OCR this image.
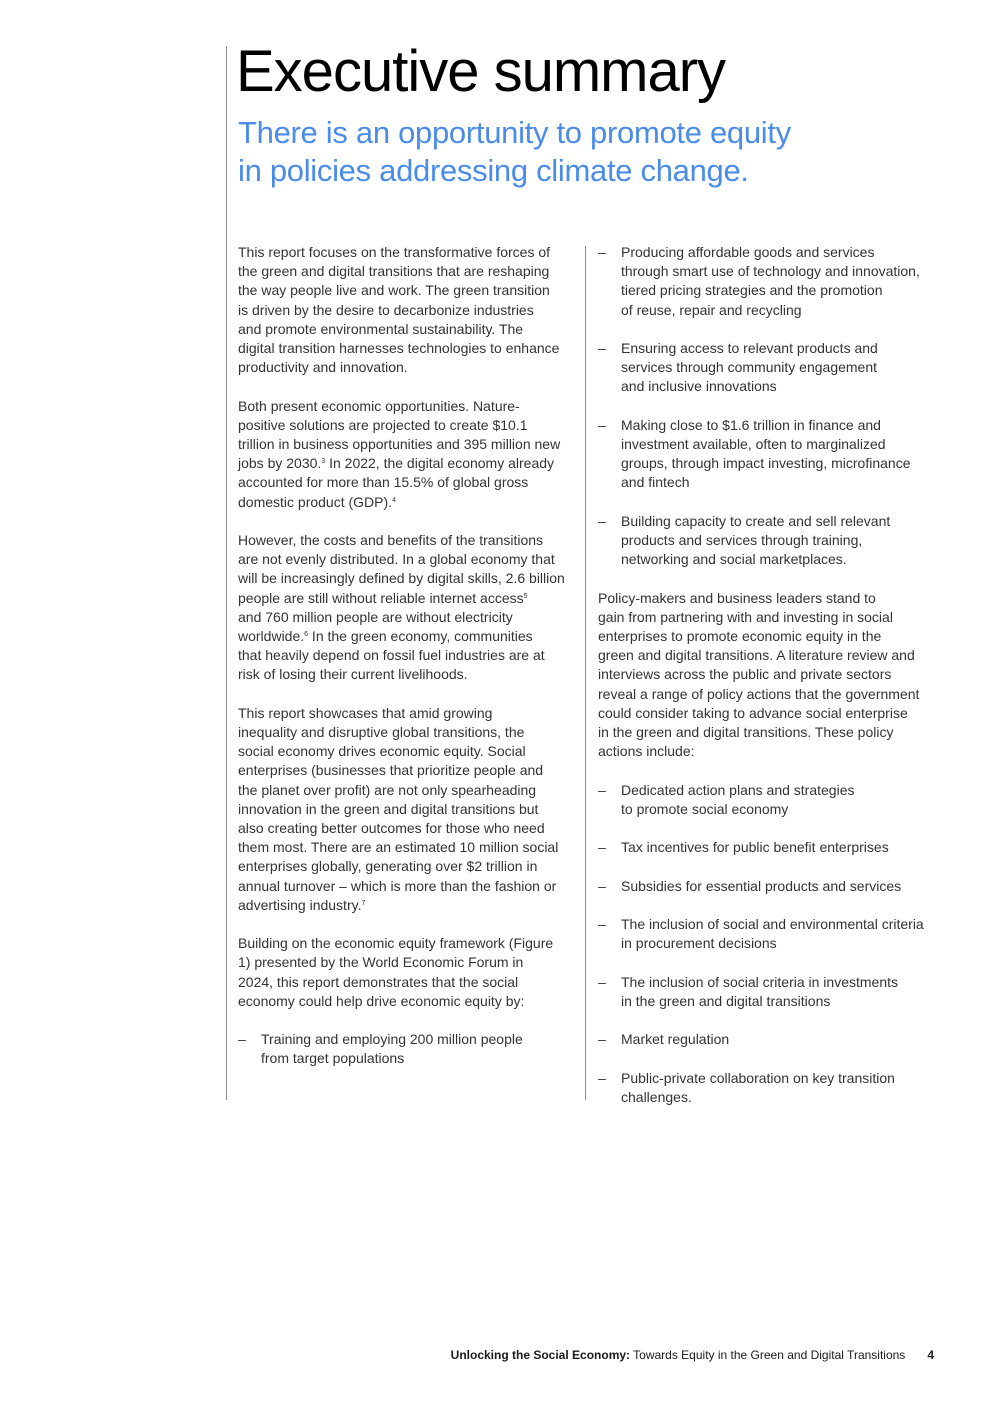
Executive summary
There is an opportunity to promote equity
in policies addressing climate change.

This report focuses on the transformative forces of
the green and digital transitions that are reshaping
the way people live and work. The green transition
is driven by the desire to decarbonize industries
and promote environmental sustainability. The
digital transition harnesses technologies to enhance
productivity and innovation.

Both present economic opportunities. Nature-
positive solutions are projected to create $10.1
trillion in business opportunities and 395 million new
jobs by 2030.$^3$ In 2022, the digital economy already
accounted for more than 15.5% of global gross
domestic product (GDP).$^4$

However, the costs and benefits of the transitions
are not evenly distributed. In a global economy that
will be increasingly defined by digital skills, 2.6 billion
people are still without reliable internet access$^5$
and 760 million people are without electricity
worldwide.$^6$ In the green economy, communities
that heavily depend on fossil fuel industries are at
risk of losing their current livelihoods.

This report showcases that amid growing
inequality and disruptive global transitions, the
social economy drives economic equity. Social
enterprises (businesses that prioritize people and
the planet over profit) are not only spearheading
innovation in the green and digital transitions but
also creating better outcomes for those who need
them most. There are an estimated 10 million social
enterprises globally, generating over $2 trillion in
annual turnover – which is more than the fashion or
advertising industry.$^7$

Building on the economic equity framework (Figure
1) presented by the World Economic Forum in
2024, this report demonstrates that the social
economy could help drive economic equity by:

– Training and employing 200 million people
from target populations
– Producing affordable goods and services
through smart use of technology and innovation,
tiered pricing strategies and the promotion
of reuse, repair and recycling
– Ensuring access to relevant products and
services through community engagement
and inclusive innovations
– Making close to $1.6 trillion in finance and
investment available, often to marginalized
groups, through impact investing, microfinance
and fintech
– Building capacity to create and sell relevant
products and services through training,
networking and social marketplaces.

Policy-makers and business leaders stand to
gain from partnering with and investing in social
enterprises to promote economic equity in the
green and digital transitions. A literature review and
interviews across the public and private sectors
reveal a range of policy actions that the government
could consider taking to advance social enterprise
in the green and digital transitions. These policy
actions include:

– Dedicated action plans and strategies
to promote social economy
– Tax incentives for public benefit enterprises
– Subsidies for essential products and services
– The inclusion of social and environmental criteria
in procurement decisions
– The inclusion of social criteria in investments
in the green and digital transitions
– Market regulation
– Public-private collaboration on key transition
challenges.
Unlocking the Social Economy: Towards Equity in the Green and Digital Transitions 4
